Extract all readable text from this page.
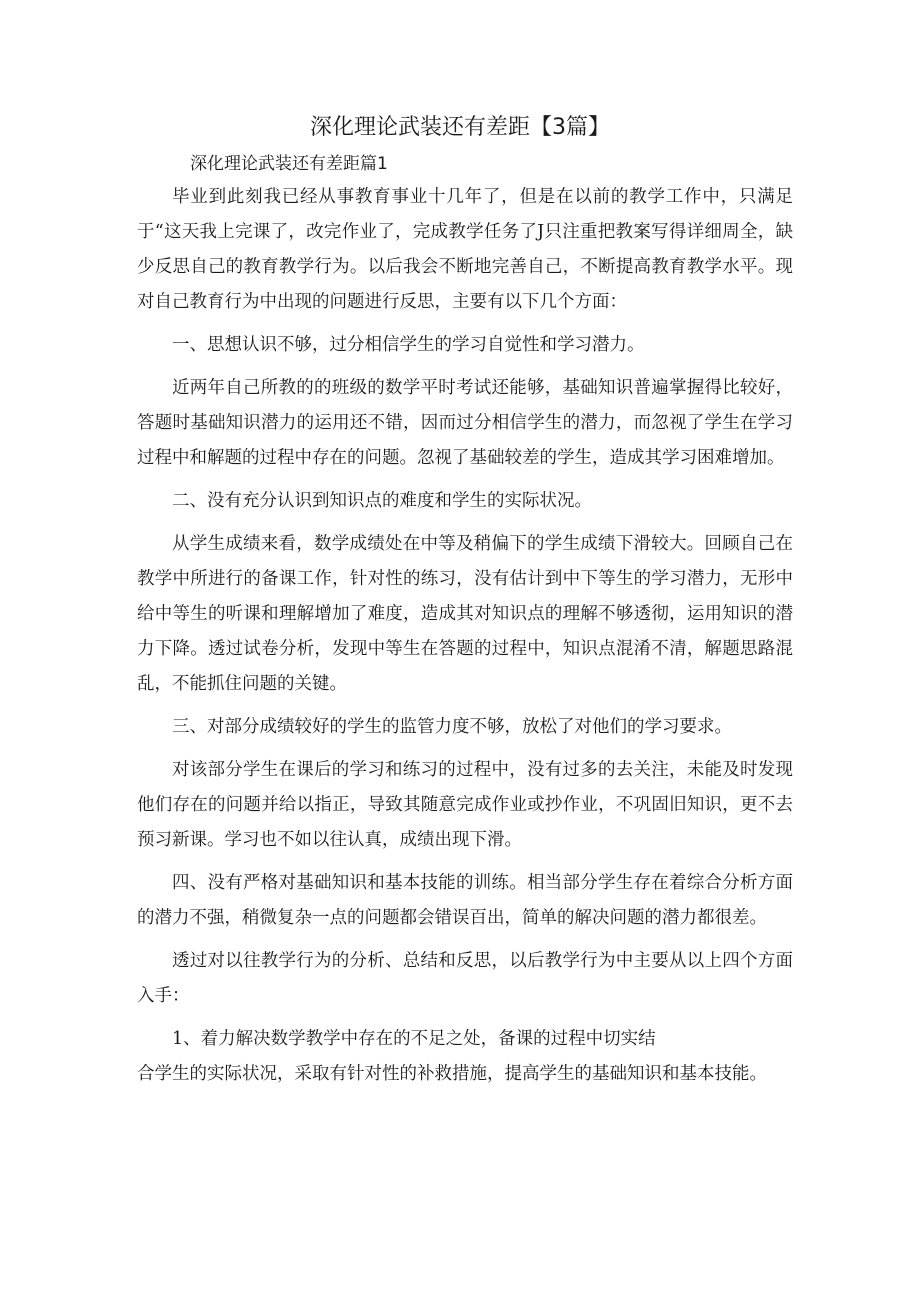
深化理论武装还有差距【3篇】
深化理论武装还有差距篇1

毕业到此刻我已经从事教育事业十几年了，但是在以前的教学工作中，只满足于“这天我上完课了，改完作业了，完成教学任务了J只注重把教案写得详细周全，缺少反思自己的教育教学行为。以后我会不断地完善自己，不断提高教育教学水平。现对自己教育行为中出现的问题进行反思，主要有以下几个方面：

一、思想认识不够，过分相信学生的学习自觉性和学习潜力。

近两年自己所教的的班级的数学平时考试还能够，基础知识普遍掌握得比较好，答题时基础知识潜力的运用还不错，因而过分相信学生的潜力，而忽视了学生在学习过程中和解题的过程中存在的问题。忽视了基础较差的学生，造成其学习困难增加。

二、没有充分认识到知识点的难度和学生的实际状况。

从学生成绩来看，数学成绩处在中等及稍偏下的学生成绩下滑较大。回顾自己在教学中所进行的备课工作，针对性的练习，没有估计到中下等生的学习潜力，无形中给中等生的听课和理解增加了难度，造成其对知识点的理解不够透彻，运用知识的潜力下降。透过试卷分析，发现中等生在答题的过程中，知识点混淆不清，解题思路混乱，不能抓住问题的关键。

三、对部分成绩较好的学生的监管力度不够，放松了对他们的学习要求。

对该部分学生在课后的学习和练习的过程中，没有过多的去关注，未能及时发现他们存在的问题并给以指正，导致其随意完成作业或抄作业，不巩固旧知识，更不去预习新课。学习也不如以往认真，成绩出现下滑。

四、没有严格对基础知识和基本技能的训练。相当部分学生存在着综合分析方面的潜力不强，稍微复杂一点的问题都会错误百出，简单的解决问题的潜力都很差。

透过对以往教学行为的分析、总结和反思，以后教学行为中主要从以上四个方面入手：

1、着力解决数学教学中存在的不足之处，备课的过程中切实结

合学生的实际状况，采取有针对性的补救措施，提高学生的基础知识和基本技能。
